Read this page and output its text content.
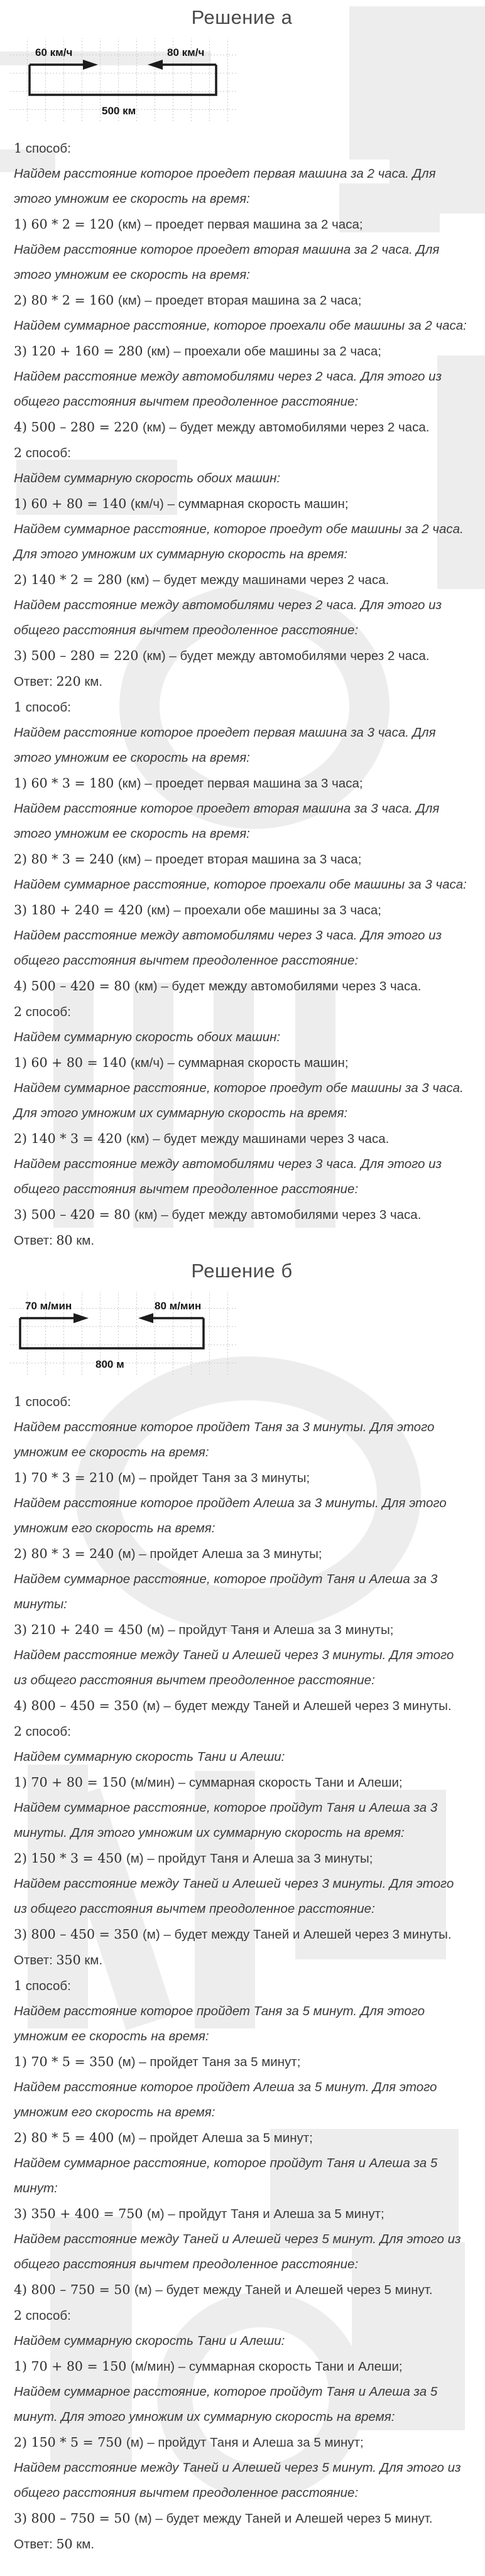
Решение а
60 км/ч	80 км/ч
500 км
1 способ:
Найдем расстояние которое проедет первая машина за 2 часа. Для этого умножим ее скорость на время:
1) 60 * 2 = 120 (км) – проедет первая машина за 2 часа;
Найдем расстояние которое проедет вторая машина за 2 часа. Для этого умножим ее скорость на время:
2) 80 * 2 = 160 (км) – проедет вторая машина за 2 часа;
Найдем суммарное расстояние, которое проехали обе машины за 2 часа:
3) 120 + 160 = 280 (км) – проехали обе машины за 2 часа;
Найдем расстояние между автомобилями через 2 часа. Для этого из общего расстояния вычтем преодоленное расстояние:
4) 500 – 280 = 220 (км) – будет между автомобилями через 2 часа.
2 способ:
Найдем суммарную скорость обоих машин:
1) 60 + 80 = 140 (км/ч) – суммарная скорость машин;
Найдем суммарное расстояние, которое проедут обе машины за 2 часа. Для этого умножим их суммарную скорость на время:
2) 140 * 2 = 280 (км) – будет между машинами через 2 часа.
Найдем расстояние между автомобилями через 2 часа. Для этого из общего расстояния вычтем преодоленное расстояние:
3) 500 – 280 = 220 (км) – будет между автомобилями через 2 часа.
Ответ: 220 км.
1 способ:
Найдем расстояние которое проедет первая машина за 3 часа. Для этого умножим ее скорость на время:
1) 60 * 3 = 180 (км) – проедет первая машина за 3 часа;
Найдем расстояние которое проедет вторая машина за 3 часа. Для этого умножим ее скорость на время:
2) 80 * 3 = 240 (км) – проедет вторая машина за 3 часа;
Найдем суммарное расстояние, которое проехали обе машины за 3 часа:
3) 180 + 240 = 420 (км) – проехали обе машины за 3 часа;
Найдем расстояние между автомобилями через 3 часа. Для этого из общего расстояния вычтем преодоленное расстояние:
4) 500 – 420 = 80 (км) – будет между автомобилями через 3 часа.
2 способ:
Найдем суммарную скорость обоих машин:
1) 60 + 80 = 140 (км/ч) – суммарная скорость машин;
Найдем суммарное расстояние, которое проедут обе машины за 3 часа. Для этого умножим их суммарную скорость на время:
2) 140 * 3 = 420 (км) – будет между машинами через 3 часа.
Найдем расстояние между автомобилями через 3 часа. Для этого из общего расстояния вычтем преодоленное расстояние:
3) 500 – 420 = 80 (км) – будет между автомобилями через 3 часа.
Ответ: 80 км.
Решение б
70 м/мин	80 м/мин
800 м
1 способ:
Найдем расстояние которое пройдет Таня за 3 минуты. Для этого умножим ее скорость на время:
1) 70 * 3 = 210 (м) – пройдет Таня за 3 минуты;
Найдем расстояние которое пройдет Алеша за 3 минуты. Для этого умножим его скорость на время:
2) 80 * 3 = 240 (м) – пройдет Алеша за 3 минуты;
Найдем суммарное расстояние, которое пройдут Таня и Алеша за 3 минуты:
3) 210 + 240 = 450 (м) – пройдут Таня и Алеша за 3 минуты;
Найдем расстояние между Таней и Алешей через 3 минуты. Для этого из общего расстояния вычтем преодоленное расстояние:
4) 800 – 450 = 350 (м) – будет между Таней и Алешей через 3 минуты.
2 способ:
Найдем суммарную скорость Тани и Алеши:
1) 70 + 80 = 150 (м/мин) – суммарная скорость Тани и Алеши;
Найдем суммарное расстояние, которое пройдут Таня и Алеша за 3 минуты. Для этого умножим их суммарную скорость на время:
2) 150 * 3 = 450 (м) – пройдут Таня и Алеша за 3 минуты;
Найдем расстояние между Таней и Алешей через 3 минуты. Для этого из общего расстояния вычтем преодоленное расстояние:
3) 800 – 450 = 350 (м) – будет между Таней и Алешей через 3 минуты.
Ответ: 350 км.
1 способ:
Найдем расстояние которое пройдет Таня за 5 минут. Для этого умножим ее скорость на время:
1) 70 * 5 = 350 (м) – пройдет Таня за 5 минут;
Найдем расстояние которое пройдет Алеша за 5 минут. Для этого умножим его скорость на время:
2) 80 * 5 = 400 (м) – пройдет Алеша за 5 минут;
Найдем суммарное расстояние, которое пройдут Таня и Алеша за 5 минут:
3) 350 + 400 = 750 (м) – пройдут Таня и Алеша за 5 минут;
Найдем расстояние между Таней и Алешей через 5 минут. Для этого из общего расстояния вычтем преодоленное расстояние:
4) 800 – 750 = 50 (м) – будет между Таней и Алешей через 5 минут.
2 способ:
Найдем суммарную скорость Тани и Алеши:
1) 70 + 80 = 150 (м/мин) – суммарная скорость Тани и Алеши;
Найдем суммарное расстояние, которое пройдут Таня и Алеша за 5 минут. Для этого умножим их суммарную скорость на время:
2) 150 * 5 = 750 (м) – пройдут Таня и Алеша за 5 минут;
Найдем расстояние между Таней и Алешей через 5 минут. Для этого из общего расстояния вычтем преодоленное расстояние:
3) 800 – 750 = 50 (м) – будет между Таней и Алешей через 5 минут.
Ответ: 50 км.
